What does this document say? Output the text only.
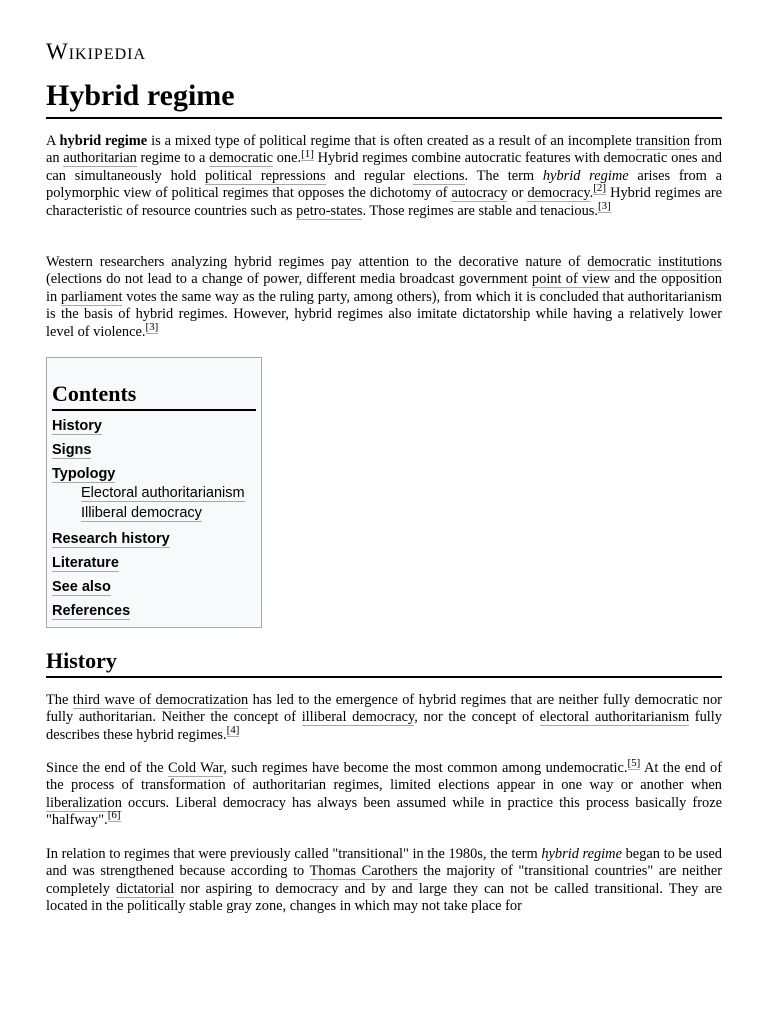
Wikipedia
Hybrid regime

A hybrid regime is a mixed type of political regime that is often created as a result of an incomplete transition from an authoritarian regime to a democratic one.[1] Hybrid regimes combine autocratic features with democratic ones and can simultaneously hold political repressions and regular elections. The term hybrid regime arises from a polymorphic view of political regimes that opposes the dichotomy of autocracy or democracy.[2] Hybrid regimes are characteristic of resource countries such as petro-states. Those regimes are stable and tenacious.[3]

Western researchers analyzing hybrid regimes pay attention to the decorative nature of democratic institutions (elections do not lead to a change of power, different media broadcast government point of view and the opposition in parliament votes the same way as the ruling party, among others), from which it is concluded that authoritarianism is the basis of hybrid regimes. However, hybrid regimes also imitate dictatorship while having a relatively lower level of violence.[3]

Contents
History
Signs
Typology
Electoral authoritarianism
Illiberal democracy
Research history
Literature
See also
References
History

The third wave of democratization has led to the emergence of hybrid regimes that are neither fully democratic nor fully authoritarian. Neither the concept of illiberal democracy, nor the concept of electoral authoritarianism fully describes these hybrid regimes.[4]

Since the end of the Cold War, such regimes have become the most common among undemocratic.[5] At the end of the process of transformation of authoritarian regimes, limited elections appear in one way or another when liberalization occurs. Liberal democracy has always been assumed while in practice this process basically froze "halfway".[6]

In relation to regimes that were previously called "transitional" in the 1980s, the term hybrid regime began to be used and was strengthened because according to Thomas Carothers the majority of "transitional countries" are neither completely dictatorial nor aspiring to democracy and by and large they can not be called transitional. They are located in the politically stable gray zone, changes in which may not take place for
